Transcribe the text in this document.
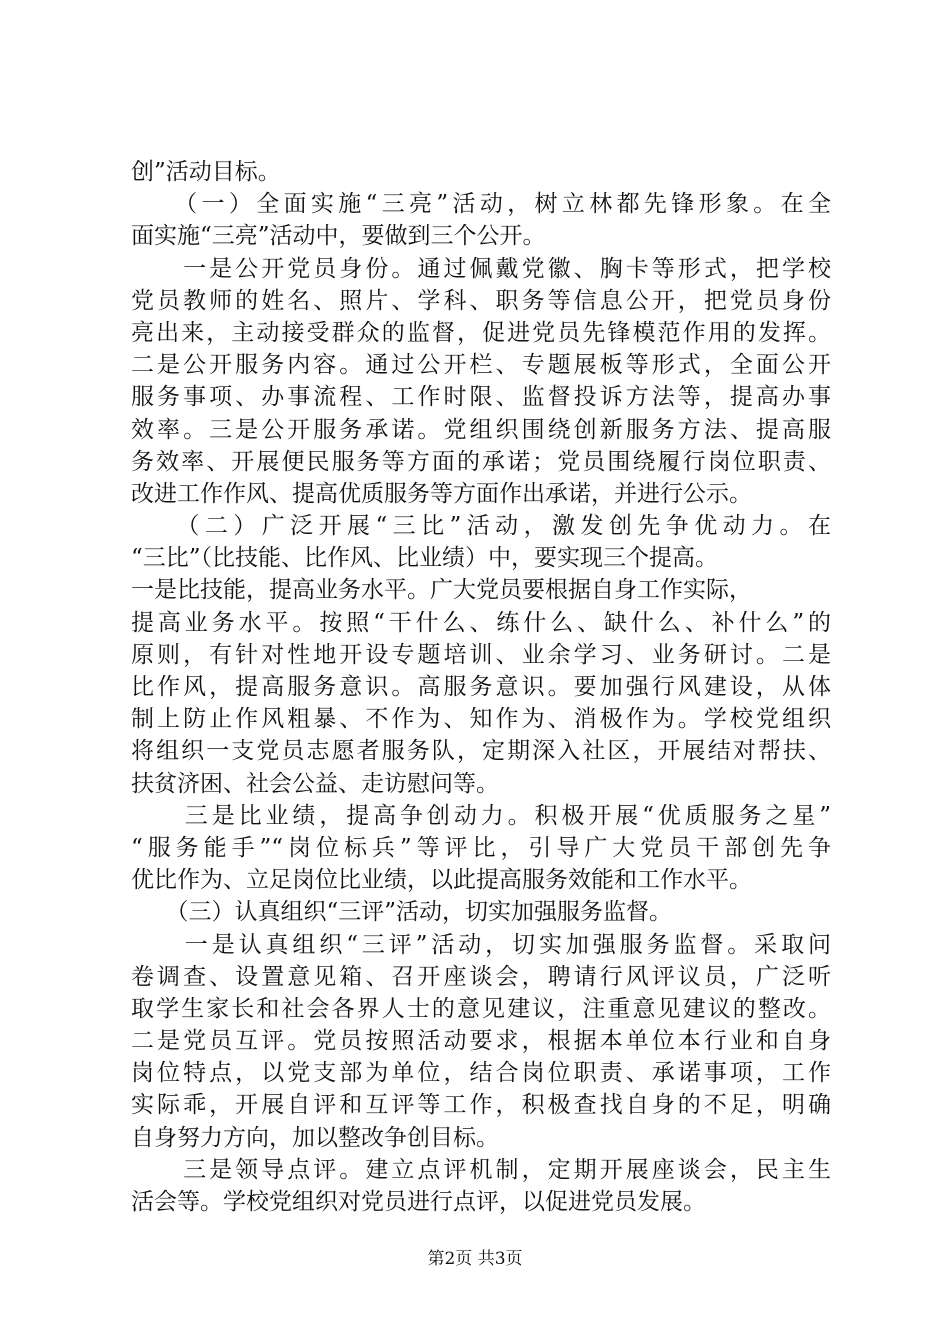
创”活动目标。
　　（一）全面实施“三亮”活动，树立林都先锋形象。在全
面实施“三亮”活动中，要做到三个公开。
　　一是公开党员身份。通过佩戴党徽、胸卡等形式，把学校
党员教师的姓名、照片、学科、职务等信息公开，把党员身份
亮出来，主动接受群众的监督，促进党员先锋模范作用的发挥。
二是公开服务内容。通过公开栏、专题展板等形式，全面公开
服务事项、办事流程、工作时限、监督投诉方法等，提高办事
效率。三是公开服务承诺。党组织围绕创新服务方法、提高服
务效率、开展便民服务等方面的承诺；党员围绕履行岗位职责、
改进工作作风、提高优质服务等方面作出承诺，并进行公示。
　　（二）广泛开展“三比”活动，激发创先争优动力。在
“三比”（比技能、比作风、比业绩）中，要实现三个提高。
一是比技能，提高业务水平。广大党员要根据自身工作实际，
提高业务水平。按照“干什么、练什么、缺什么、补什么”的
原则，有针对性地开设专题培训、业余学习、业务研讨。二是
比作风，提高服务意识。高服务意识。要加强行风建设，从体
制上防止作风粗暴、不作为、知作为、消极作为。学校党组织
将组织一支党员志愿者服务队，定期深入社区，开展结对帮扶、
扶贫济困、社会公益、走访慰问等。
　　三是比业绩，提高争创动力。积极开展“优质服务之星”
“服务能手”“岗位标兵”等评比，引导广大党员干部创先争
优比作为、立足岗位比业绩，以此提高服务效能和工作水平。
　　（三）认真组织“三评”活动，切实加强服务监督。
　　一是认真组织“三评”活动，切实加强服务监督。采取问
卷调查、设置意见箱、召开座谈会，聘请行风评议员，广泛听
取学生家长和社会各界人士的意见建议，注重意见建议的整改。
二是党员互评。党员按照活动要求，根据本单位本行业和自身
岗位特点，以党支部为单位，结合岗位职责、承诺事项，工作
实际乖，开展自评和互评等工作，积极查找自身的不足，明确
自身努力方向，加以整改争创目标。
　　三是领导点评。建立点评机制，定期开展座谈会，民主生
活会等。学校党组织对党员进行点评，以促进党员发展。
第2页 共3页
